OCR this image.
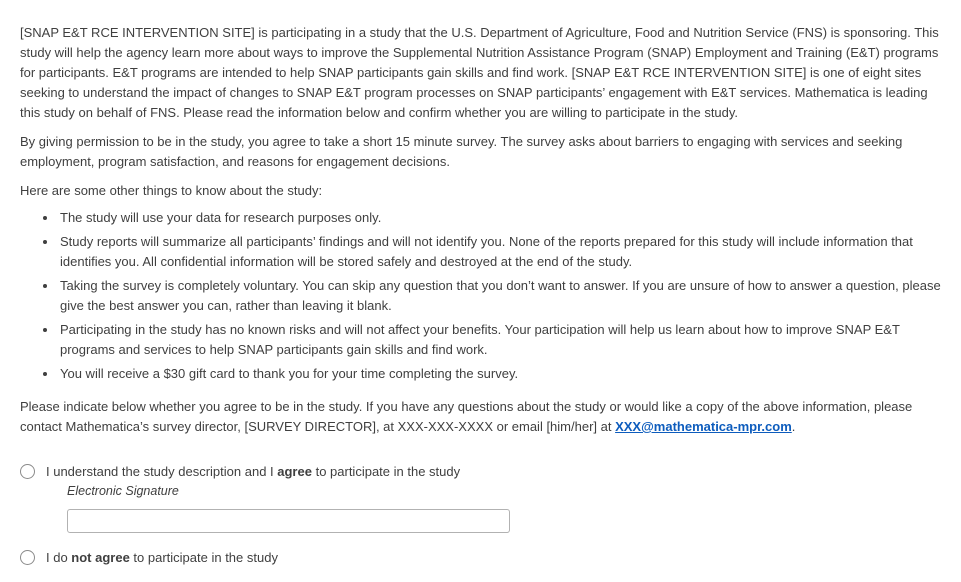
[SNAP E&T RCE INTERVENTION SITE] is participating in a study that the U.S. Department of Agriculture, Food and Nutrition Service (FNS) is sponsoring. This study will help the agency learn more about ways to improve the Supplemental Nutrition Assistance Program (SNAP) Employment and Training (E&T) programs for participants. E&T programs are intended to help SNAP participants gain skills and find work. [SNAP E&T RCE INTERVENTION SITE] is one of eight sites seeking to understand the impact of changes to SNAP E&T program processes on SNAP participants’ engagement with E&T services. Mathematica is leading this study on behalf of FNS. Please read the information below and confirm whether you are willing to participate in the study.

By giving permission to be in the study, you agree to take a short 15 minute survey. The survey asks about barriers to engaging with services and seeking employment, program satisfaction, and reasons for engagement decisions.

Here are some other things to know about the study:

• The study will use your data for research purposes only.
• Study reports will summarize all participants’ findings and will not identify you. None of the reports prepared for this study will include information that identifies you. All confidential information will be stored safely and destroyed at the end of the study.
• Taking the survey is completely voluntary. You can skip any question that you don’t want to answer. If you are unsure of how to answer a question, please give the best answer you can, rather than leaving it blank.
• Participating in the study has no known risks and will not affect your benefits. Your participation will help us learn about how to improve SNAP E&T programs and services to help SNAP participants gain skills and find work.
• You will receive a $30 gift card to thank you for your time completing the survey.

Please indicate below whether you agree to be in the study. If you have any questions about the study or would like a copy of the above information, please contact Mathematica’s survey director, [SURVEY DIRECTOR], at XXX-XXX-XXXX or email [him/her] at XXX@mathematica-mpr.com.

I understand the study description and I agree to participate in the study
Electronic Signature
I do not agree to participate in the study
